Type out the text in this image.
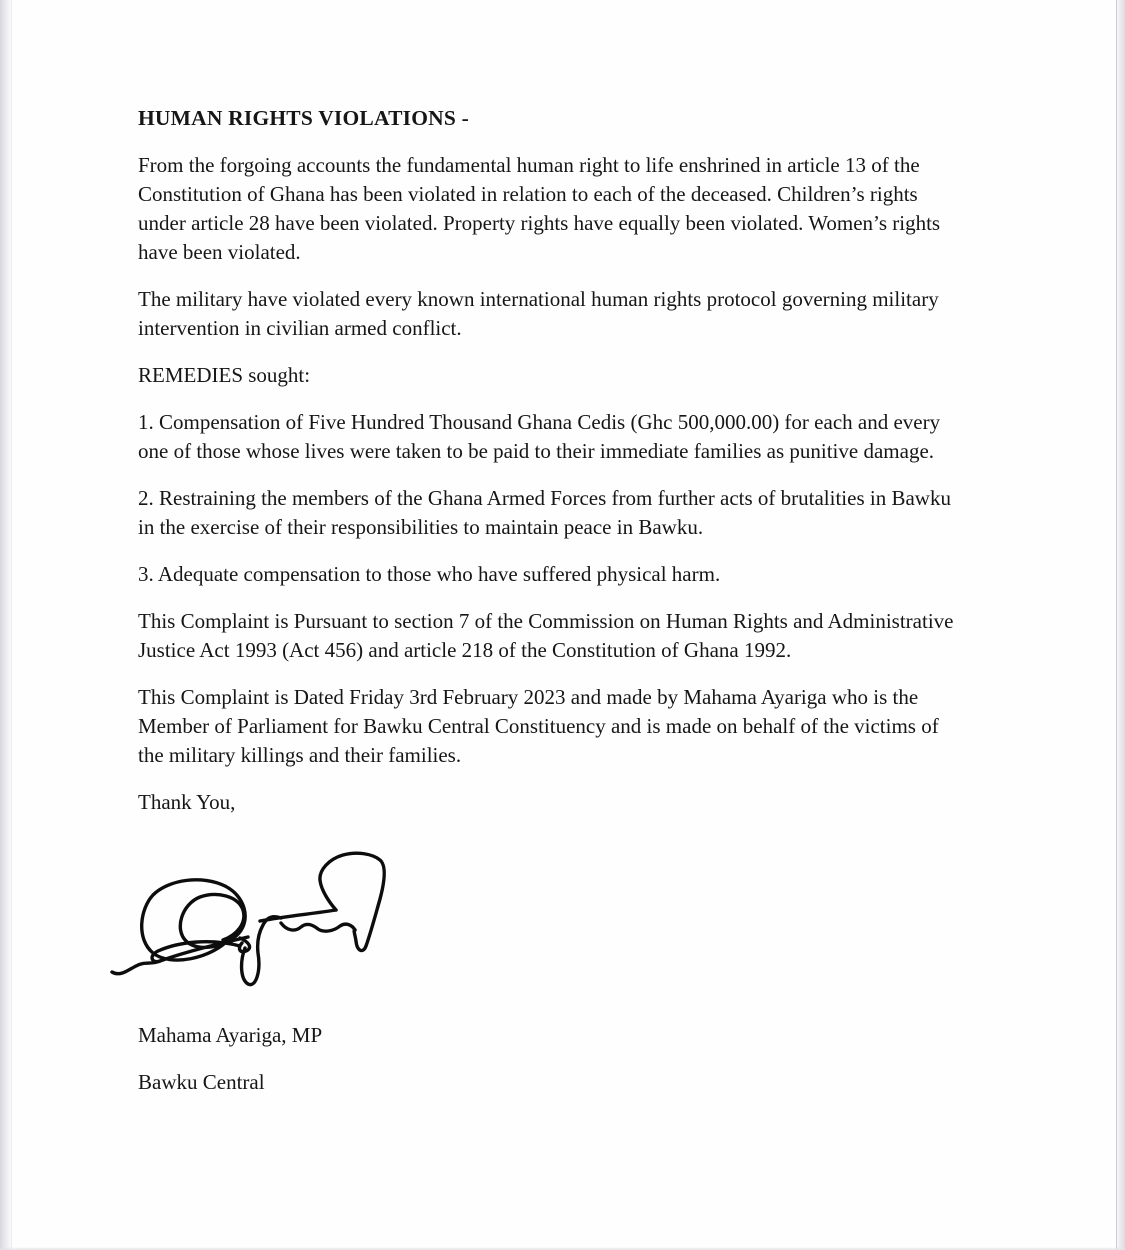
HUMAN RIGHTS VIOLATIONS -

From the forgoing accounts the fundamental human right to life enshrined in article 13 of the
Constitution of Ghana has been violated in relation to each of the deceased. Children’s rights
under article 28 have been violated. Property rights have equally been violated. Women’s rights
have been violated.

The military have violated every known international human rights protocol governing military
intervention in civilian armed conflict.

REMEDIES sought:

1. Compensation of Five Hundred Thousand Ghana Cedis (Ghc 500,000.00) for each and every
one of those whose lives were taken to be paid to their immediate families as punitive damage.

2. Restraining the members of the Ghana Armed Forces from further acts of brutalities in Bawku
in the exercise of their responsibilities to maintain peace in Bawku.

3. Adequate compensation to those who have suffered physical harm.

This Complaint is Pursuant to section 7 of the Commission on Human Rights and Administrative
Justice Act 1993 (Act 456) and article 218 of the Constitution of Ghana 1992.

This Complaint is Dated Friday 3rd February 2023 and made by Mahama Ayariga who is the
Member of Parliament for Bawku Central Constituency and is made on behalf of the victims of
the military killings and their families.

Thank You,

Mahama Ayariga, MP

Bawku Central
